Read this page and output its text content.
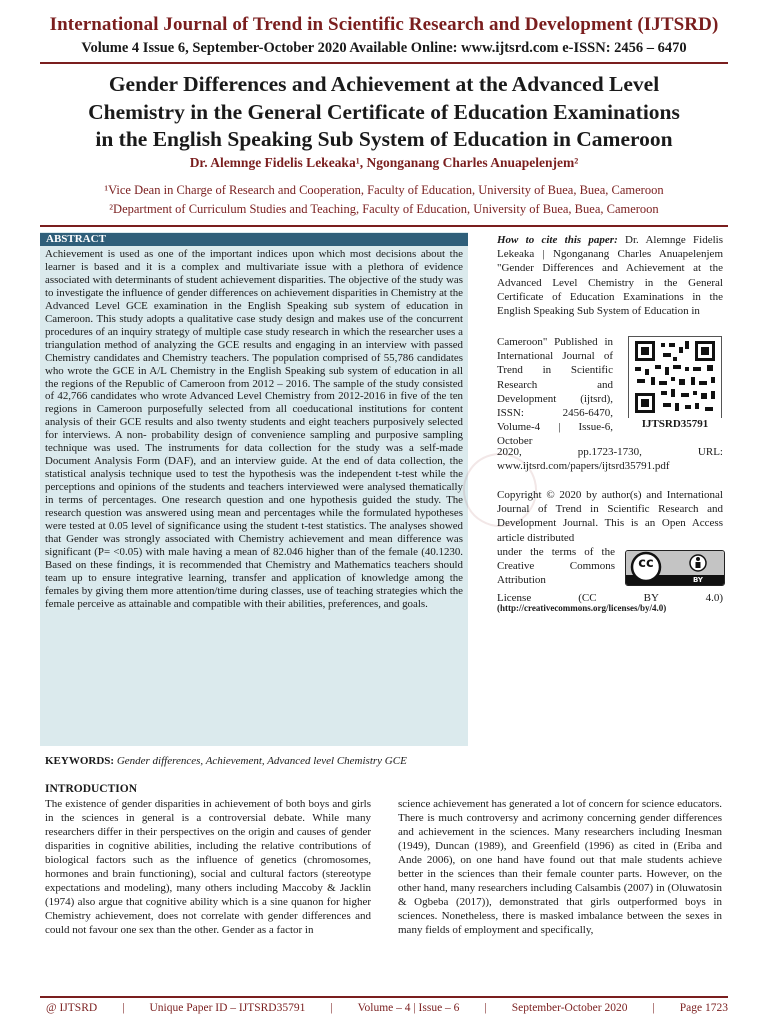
International Journal of Trend in Scientific Research and Development (IJTSRD)
Volume 4 Issue 6, September-October 2020 Available Online: www.ijtsrd.com e-ISSN: 2456 – 6470
Gender Differences and Achievement at the Advanced Level
Chemistry in the General Certificate of Education Examinations
in the English Speaking Sub System of Education in Cameroon
Dr. Alemnge Fidelis Lekeaka¹, Ngonganang Charles Anuapelenjem²
¹Vice Dean in Charge of Research and Cooperation, Faculty of Education, University of Buea, Buea, Cameroon
²Department of Curriculum Studies and Teaching, Faculty of Education, University of Buea, Buea, Cameroon
ABSTRACT
Achievement is used as one of the important indices upon which most decisions about the learner is based and it is a complex and multivariate issue with a plethora of evidence associated with determinants of student achievement disparities. The objective of the study was to investigate the influence of gender differences on achievement disparities in Chemistry at the Advanced Level GCE examination in the English Speaking sub system of education in Cameroon. This study adopts a qualitative case study design and makes use of the concurrent procedures of an inquiry strategy of multiple case study research in which the researcher uses a triangulation method of analyzing the GCE results and engaging in an interview with passed Chemistry candidates and Chemistry teachers. The population comprised of 55,786 candidates who wrote the GCE in A/L Chemistry in the English Speaking sub system of education in all the regions of the Republic of Cameroon from 2012 – 2016. The sample of the study consisted of 42,766 candidates who wrote Advanced Level Chemistry from 2012-2016 in five of the ten regions in Cameroon purposefully selected from all coeducational institutions for content analysis of their GCE results and also twenty students and eight teachers purposively selected for interviews. A non- probability design of convenience sampling and purposive sampling technique was used. The instruments for data collection for the study was a self-made Document Analysis Form (DAF), and an interview guide. At the end of data collection, the statistical analysis technique used to test the hypothesis was the independent t-test while the perceptions and opinions of the students and teachers interviewed were analysed thematically in terms of percentages. One research question and one hypothesis guided the study. The research question was answered using mean and percentages while the formulated hypotheses were tested at 0.05 level of significance using the student t-test statistics. The analyses showed that Gender was strongly associated with Chemistry achievement and mean difference was significant (P= <0.05) with male having a mean of 82.046 higher than of the female (40.1230. Based on these findings, it is recommended that Chemistry and Mathematics teachers should team up to ensure integrative learning, transfer and application of knowledge among the females by giving them more attention/time during classes, use of teaching strategies which the female perceive as attainable and compatible with their abilities, preferences, and goals.
KEYWORDS: Gender differences, Achievement, Advanced level Chemistry GCE
How to cite this paper: Dr. Alemnge Fidelis Lekeaka | Ngonganang Charles Anuapelenjem "Gender Differences and Achievement at the Advanced Level Chemistry in the General Certificate of Education Examinations in the English Speaking Sub System of Education in
Cameroon" Published in International Journal of Trend in Scientific Research and Development (ijtsrd), ISSN: 2456-6470, Volume-4 | Issue-6, October
IJTSRD35791
2020, pp.1723-1730, URL: www.ijtsrd.com/papers/ijtsrd35791.pdf
Copyright © 2020 by author(s) and International Journal of Trend in Scientific Research and Development Journal. This is an Open Access article distributed
under the terms of the Creative Commons Attribution
cc
BY
License (CC BY 4.0)
(http://creativecommons.org/licenses/by/4.0)
INTRODUCTION
The existence of gender disparities in achievement of both boys and girls in the sciences in general is a controversial debate. While many researchers differ in their perspectives on the origin and causes of gender disparities in cognitive abilities, including the relative contributions of biological factors such as the influence of genetics (chromosomes, hormones and brain functioning), social and cultural factors (stereotype expectations and modeling), many others including Maccoby & Jacklin (1974) also argue that cognitive ability which is a sine quanon for higher Chemistry achievement, does not correlate with gender differences and could not favour one sex than the other. Gender as a factor in
science achievement has generated a lot of concern for science educators. There is much controversy and acrimony concerning gender differences and achievement in the sciences. Many researchers including Inesman (1949), Duncan (1989), and Greenfield (1996) as cited in (Eriba and Ande 2006), on one hand have found out that male students achieve better in the sciences than their female counter parts. However, on the other hand, many researchers including Calsambis (2007) in (Oluwatosin & Ogbeba (2017)), demonstrated that girls outperformed boys in sciences. Nonetheless, there is masked imbalance between the sexes in many fields of employment and specifically,
@ IJTSRD | Unique Paper ID – IJTSRD35791 | Volume – 4 | Issue – 6 | September-October 2020 | Page 1723
